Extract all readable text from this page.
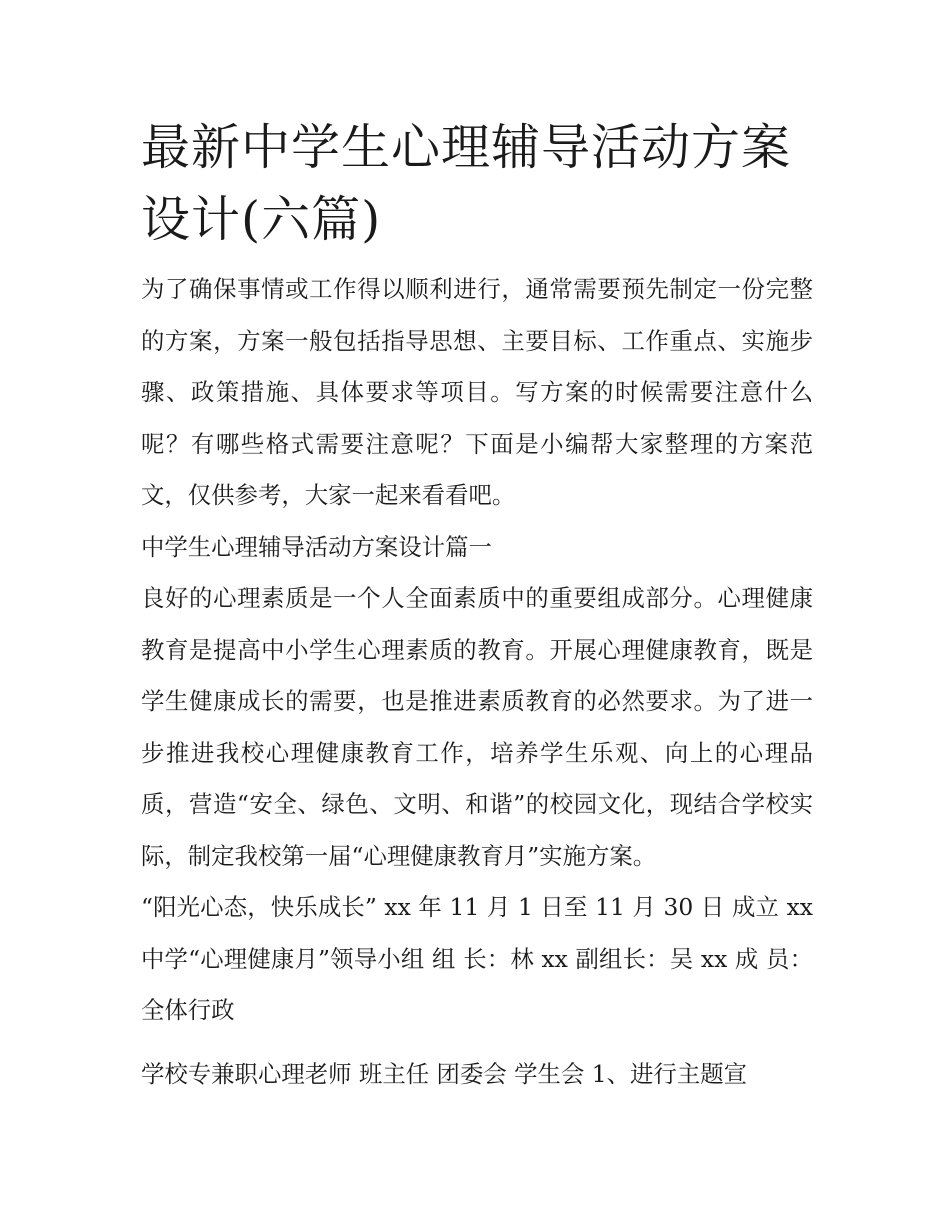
最新中学生心理辅导活动方案设计(六篇)

为了确保事情或工作得以顺利进行，通常需要预先制定一份完整的方案，方案一般包括指导思想、主要目标、工作重点、实施步骤、政策措施、具体要求等项目。写方案的时候需要注意什么呢？有哪些格式需要注意呢？下面是小编帮大家整理的方案范文，仅供参考，大家一起来看看吧。

中学生心理辅导活动方案设计篇一

良好的心理素质是一个人全面素质中的重要组成部分。心理健康教育是提高中小学生心理素质的教育。开展心理健康教育，既是学生健康成长的需要，也是推进素质教育的必然要求。为了进一步推进我校心理健康教育工作，培养学生乐观、向上的心理品质，营造“安全、绿色、文明、和谐”的校园文化，现结合学校实际，制定我校第一届“心理健康教育月”实施方案。

“阳光心态，快乐成长” xx 年 11 月 1 日至 11 月 30 日 成立 xx 中学“心理健康月”领导小组 组 长：林 xx 副组长：吴 xx 成 员：全体行政

学校专兼职心理老师 班主任 团委会 学生会 1、进行主题宣
